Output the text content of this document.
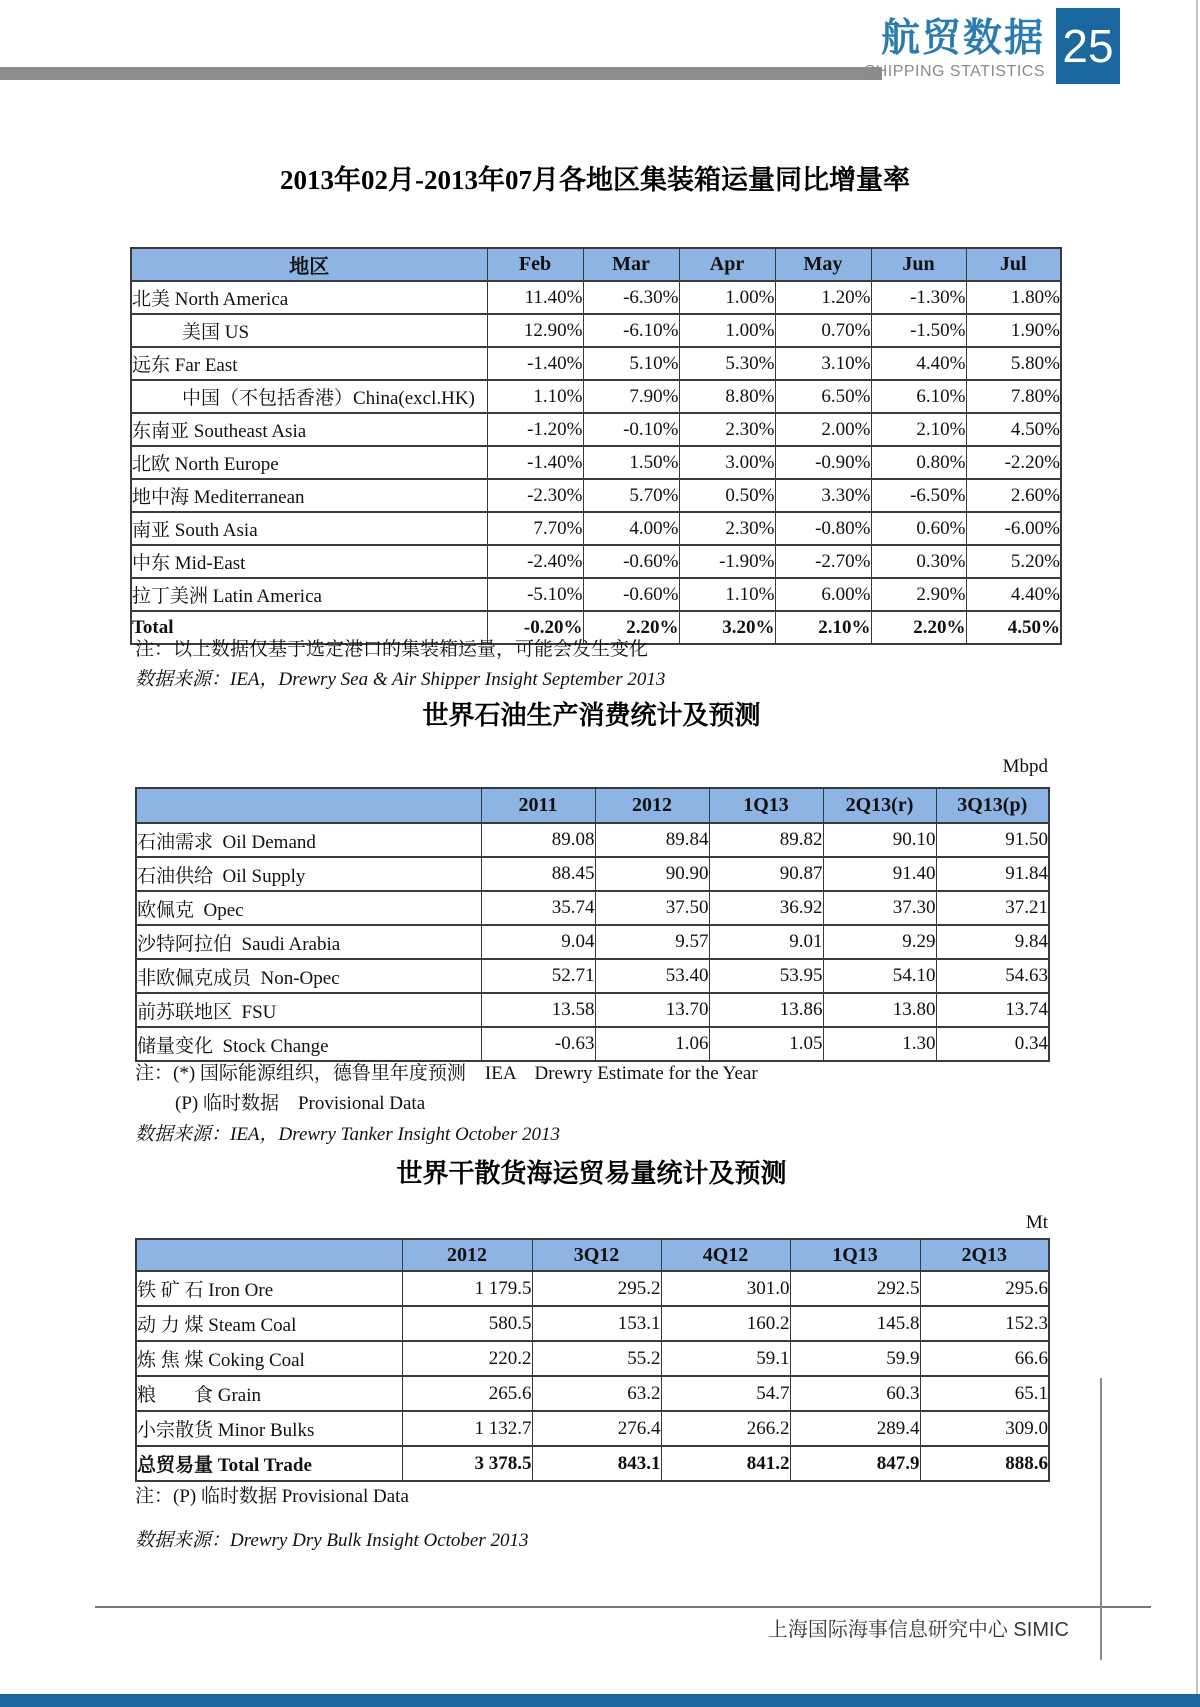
航贸数据
SHIPPING STATISTICS 25
2013年02月-2013年07月各地区集装箱运量同比增量率
地区	Feb	Mar	Apr	May	Jun	Jul
北美 North America	11.40%	-6.30%	1.00%	1.20%	-1.30%	1.80%
美国 US	12.90%	-6.10%	1.00%	0.70%	-1.50%	1.90%
远东 Far East	-1.40%	5.10%	5.30%	3.10%	4.40%	5.80%
中国（不包括香港）China(excl.HK)	1.10%	7.90%	8.80%	6.50%	6.10%	7.80%
东南亚 Southeast Asia	-1.20%	-0.10%	2.30%	2.00%	2.10%	4.50%
北欧 North Europe	-1.40%	1.50%	3.00%	-0.90%	0.80%	-2.20%
地中海 Mediterranean	-2.30%	5.70%	0.50%	3.30%	-6.50%	2.60%
南亚 South Asia	7.70%	4.00%	2.30%	-0.80%	0.60%	-6.00%
中东 Mid-East	-2.40%	-0.60%	-1.90%	-2.70%	0.30%	5.20%
拉丁美洲 Latin America	-5.10%	-0.60%	1.10%	6.00%	2.90%	4.40%
Total	-0.20%	2.20%	3.20%	2.10%	2.20%	4.50%
注：以上数据仅基于选定港口的集装箱运量，可能会发生变化
数据来源：IEA，Drewry Sea & Air Shipper Insight September 2013
世界石油生产消费统计及预测
Mbpd
	2011	2012	1Q13	2Q13(r)	3Q13(p)
石油需求  Oil Demand	89.08	89.84	89.82	90.10	91.50
石油供给  Oil Supply	88.45	90.90	90.87	91.40	91.84
欧佩克  Opec	35.74	37.50	36.92	37.30	37.21
沙特阿拉伯  Saudi Arabia	9.04	9.57	9.01	9.29	9.84
非欧佩克成员  Non-Opec	52.71	53.40	53.95	54.10	54.63
前苏联地区  FSU	13.58	13.70	13.86	13.80	13.74
储量变化  Stock Change	-0.63	1.06	1.05	1.30	0.34
注：(*) 国际能源组织，德鲁里年度预测　IEA　Drewry Estimate for the Year
(P) 临时数据　Provisional Data
数据来源：IEA，Drewry Tanker Insight October 2013
世界干散货海运贸易量统计及预测
Mt
	2012	3Q12	4Q12	1Q13	2Q13
铁 矿 石 Iron Ore	1 179.5	295.2	301.0	292.5	295.6
动 力 煤 Steam Coal	580.5	153.1	160.2	145.8	152.3
炼 焦 煤 Coking Coal	220.2	55.2	59.1	59.9	66.6
粮　　食 Grain	265.6	63.2	54.7	60.3	65.1
小宗散货 Minor Bulks	1 132.7	276.4	266.2	289.4	309.0
总贸易量 Total Trade	3 378.5	843.1	841.2	847.9	888.6
注：(P) 临时数据 Provisional Data
数据来源：Drewry Dry Bulk Insight October 2013
上海国际海事信息研究中心 SIMIC
